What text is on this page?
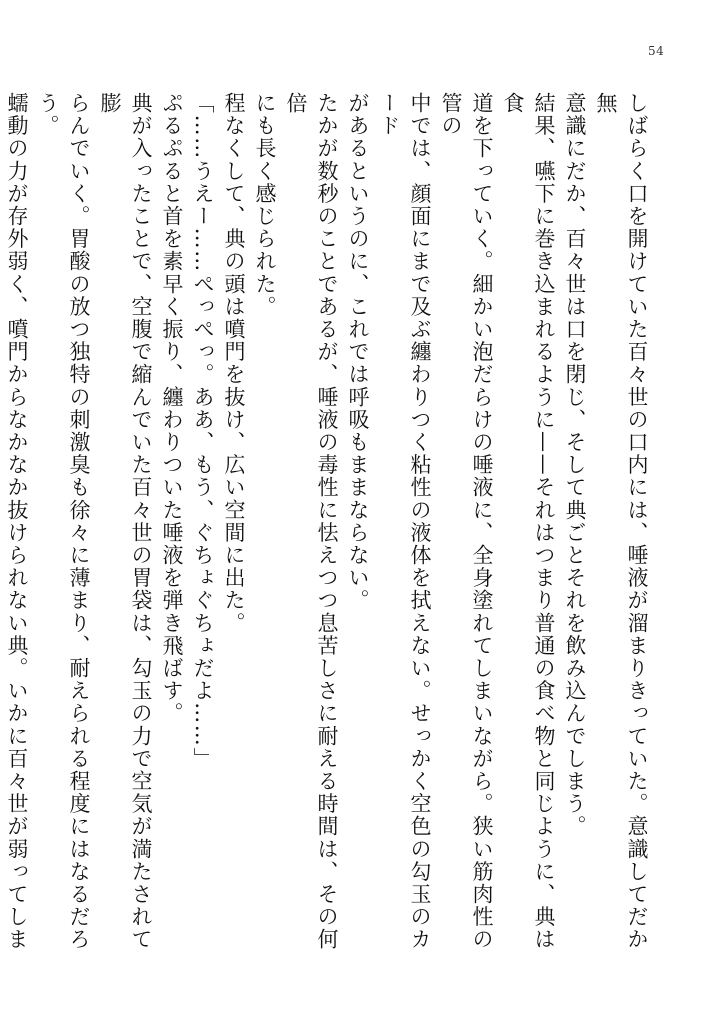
54

しばらく口を開けていた百々世の口内には、唾液が溜まりきっていた。意識してだか無
意識にだか、百々世は口を閉じ、そして典ごとそれを飲み込んでしまう。

結果、嚥下に巻き込まれるように——それはつまり普通の食べ物と同じように、典は食
道を下っていく。細かい泡だらけの唾液に、全身塗れてしまいながら。狭い筋肉性の管の
中では、顔面にまで及ぶ纏わりつく粘性の液体を拭えない。せっかく空色の勾玉のカード

があるというのに、これでは呼吸もままならない。

たかが数秒のことであるが、唾液の毒性に怯えつつ息苦しさに耐える時間は、その何倍
にも長く感じられた。

程なくして、典の頭は噴門を抜け、広い空間に出た。

「……うえー……ぺっぺっ。ああ、もう、ぐちょぐちょだよ……」

ぷるぷると首を素早く振り、纏わりついた唾液を弾き飛ばす。

典が入ったことで、空腹で縮んでいた百々世の胃袋は、勾玉の力で空気が満たされて膨
らんでいく。胃酸の放つ独特の刺激臭も徐々に薄まり、耐えられる程度にはなるだろう。

蠕動の力が存外弱く、噴門からなかなか抜けられない典。いかに百々世が弱ってしま
